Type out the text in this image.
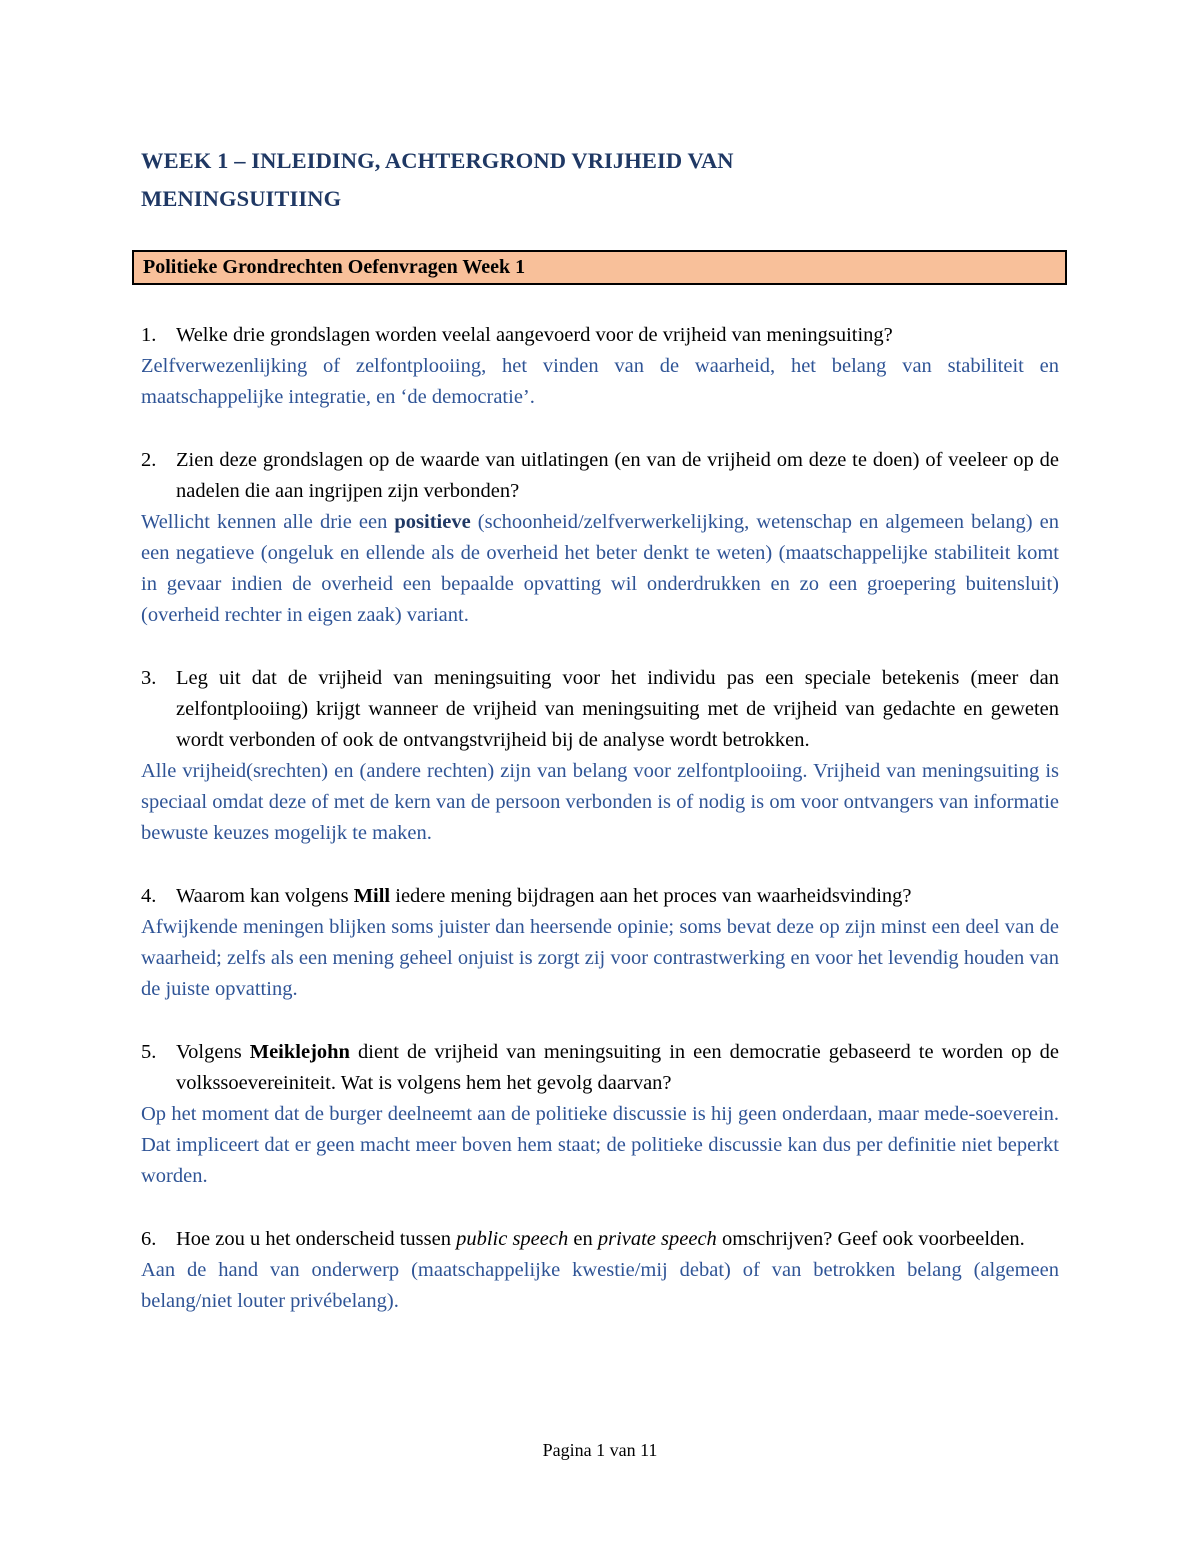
WEEK 1 – INLEIDING, ACHTERGROND VRIJHEID VAN
MENINGSUITIING
Politieke Grondrechten Oefenvragen Week 1
1. Welke drie grondslagen worden veelal aangevoerd voor de vrijheid van meningsuiting?
Zelfverwezenlijking of zelfontplooiing, het vinden van de waarheid, het belang van stabiliteit en maatschappelijke integratie, en ‘de democratie’.
2. Zien deze grondslagen op de waarde van uitlatingen (en van de vrijheid om deze te doen) of veeleer op de nadelen die aan ingrijpen zijn verbonden?
Wellicht kennen alle drie een positieve (schoonheid/zelfverwerkelijking, wetenschap en algemeen belang) en een negatieve (ongeluk en ellende als de overheid het beter denkt te weten) (maatschappelijke stabiliteit komt in gevaar indien de overheid een bepaalde opvatting wil onderdrukken en zo een groepering buitensluit) (overheid rechter in eigen zaak) variant.
3. Leg uit dat de vrijheid van meningsuiting voor het individu pas een speciale betekenis (meer dan zelfontplooiing) krijgt wanneer de vrijheid van meningsuiting met de vrijheid van gedachte en geweten wordt verbonden of ook de ontvangstvrijheid bij de analyse wordt betrokken.
Alle vrijheid(srechten) en (andere rechten) zijn van belang voor zelfontplooiing. Vrijheid van meningsuiting is speciaal omdat deze of met de kern van de persoon verbonden is of nodig is om voor ontvangers van informatie bewuste keuzes mogelijk te maken.
4. Waarom kan volgens Mill iedere mening bijdragen aan het proces van waarheidsvinding?
Afwijkende meningen blijken soms juister dan heersende opinie; soms bevat deze op zijn minst een deel van de waarheid; zelfs als een mening geheel onjuist is zorgt zij voor contrastwerking en voor het levendig houden van de juiste opvatting.
5. Volgens Meiklejohn dient de vrijheid van meningsuiting in een democratie gebaseerd te worden op de volkssoevereiniteit. Wat is volgens hem het gevolg daarvan?
Op het moment dat de burger deelneemt aan de politieke discussie is hij geen onderdaan, maar mede-soeverein. Dat impliceert dat er geen macht meer boven hem staat; de politieke discussie kan dus per definitie niet beperkt worden.
6. Hoe zou u het onderscheid tussen public speech en private speech omschrijven? Geef ook voorbeelden.
Aan de hand van onderwerp (maatschappelijke kwestie/mij debat) of van betrokken belang (algemeen belang/niet louter privébelang).
Pagina 1 van 11
